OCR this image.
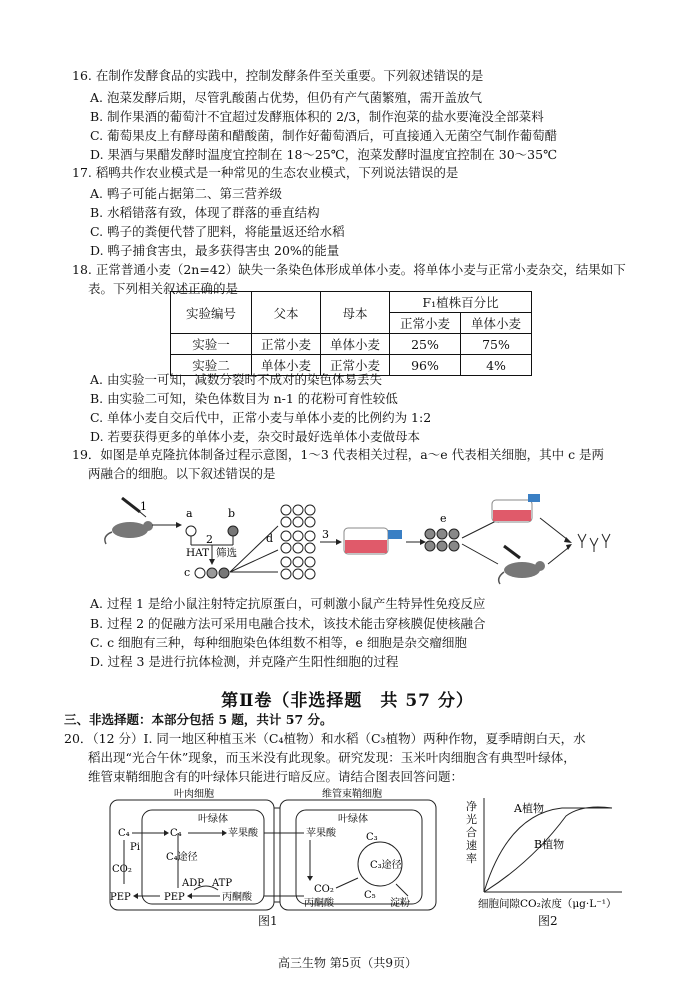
16. 在制作发酵食品的实践中，控制发酵条件至关重要。下列叙述错误的是
A. 泡菜发酵后期，尽管乳酸菌占优势，但仍有产气菌繁殖，需开盖放气
B. 制作果酒的葡萄汁不宜超过发酵瓶体积的 2/3，制作泡菜的盐水要淹没全部菜料
C. 葡萄果皮上有酵母菌和醋酸菌，制作好葡萄酒后，可直接通入无菌空气制作葡萄醋
D. 果酒与果醋发酵时温度宜控制在 18～25℃，泡菜发酵时温度宜控制在 30～35℃
17. 稻鸭共作农业模式是一种常见的生态农业模式，下列说法错误的是
A. 鸭子可能占据第二、第三营养级
B. 水稻错落有致，体现了群落的垂直结构
C. 鸭子的粪便代替了肥料，将能量返还给水稻
D. 鸭子捕食害虫，最多获得害虫 20%的能量
18. 正常普通小麦（2n=42）缺失一条染色体形成单体小麦。将单体小麦与正常小麦杂交，结果如下
表。下列相关叙述正确的是
实验编号	父本	母本	F₁植株百分比	
			正常小麦	单体小麦
实验一	正常小麦	单体小麦	25%	75%
实验二	单体小麦	正常小麦	96%	4%
A. 由实验一可知，减数分裂时不成对的染色体易丢失
B. 由实验二可知，染色体数目为 n-1 的花粉可育性较低
C. 单体小麦自交后代中，正常小麦与单体小麦的比例约为 1:2
D. 若要获得更多的单体小麦，杂交时最好选单体小麦做母本
19．如图是单克隆抗体制备过程示意图，1～3 代表相关过程，a～e 代表相关细胞，其中 c 是两
两融合的细胞。以下叙述错误的是
1
a	b
2
HAT 筛选
c
d	3
e
A. 过程 1 是给小鼠注射特定抗原蛋白，可刺激小鼠产生特异性免疫反应
B. 过程 2 的促融方法可采用电融合技术，该技术能击穿核膜促使核融合
C. c 细胞有三种，每种细胞染色体组数不相等，e 细胞是杂交瘤细胞
D. 过程 3 是进行抗体检测，并克隆产生阳性细胞的过程
第Ⅱ卷（非选择题　共 57 分）
三、非选择题：本部分包括 5 题，共计 57 分。
20．（12 分）Ⅰ. 同一地区种植玉米（C₄植物）和水稻（C₃植物）两种作物，夏季晴朗白天，水
稻出现“光合午休”现象，而玉米没有此现象。研究发现：玉米叶肉细胞含有典型叶绿体，
维管束鞘细胞含有的叶绿体只能进行暗反应。请结合图表回答问题：
叶肉细胞	维管束鞘细胞
叶绿体	叶绿体
C₄	C₄	苹果酸
Pi
CO₂
C₄途径
PEP	PEP
ADP ATP
丙酮酸
苹果酸
CO₂
丙酮酸
C₃
C₅
C₃途径
淀粉
图1
净光合速率
A植物
B植物
细胞间隙CO₂浓度（μg·L⁻¹）
图2
高三生物 第5页（共9页）
